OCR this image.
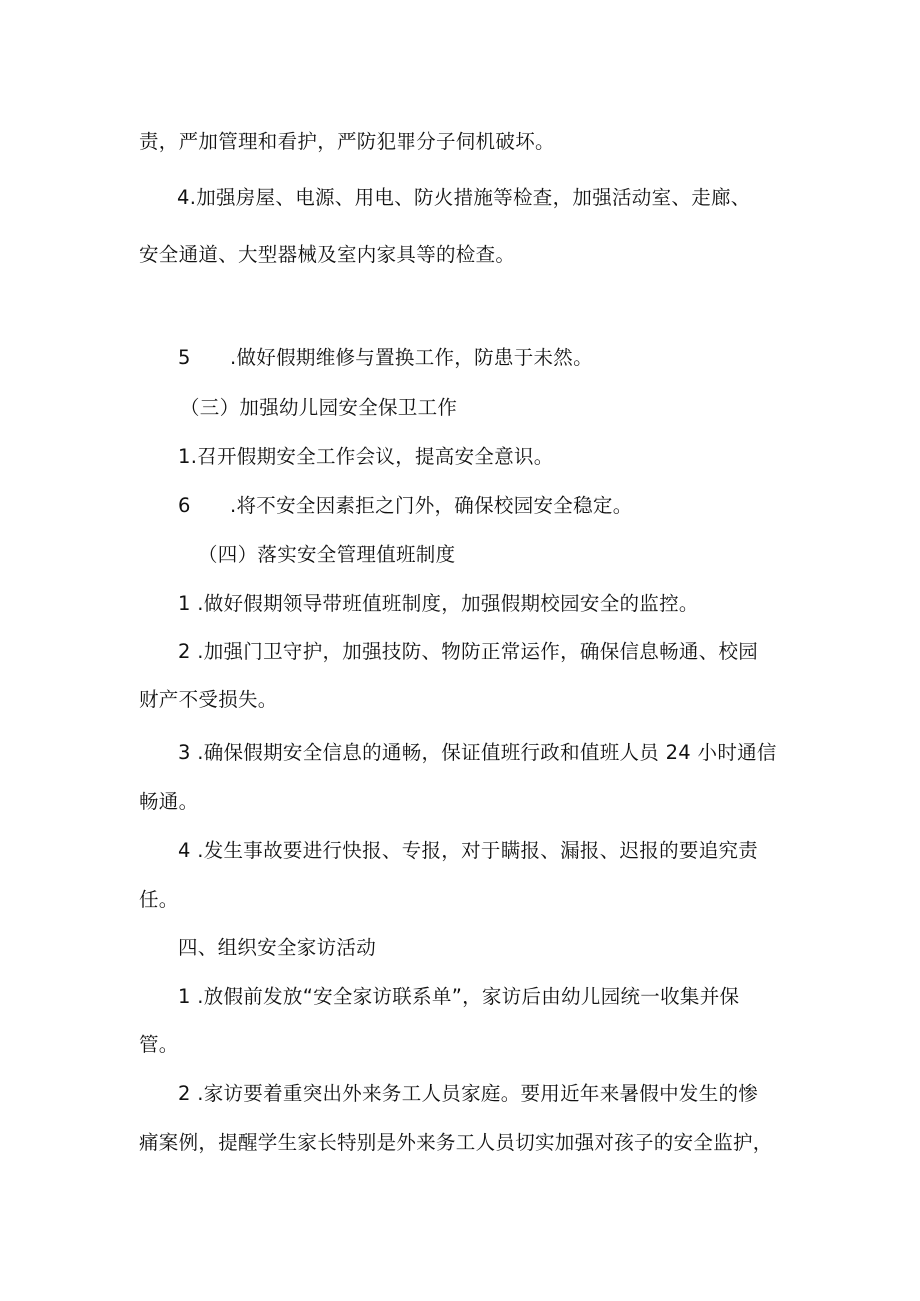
责，严加管理和看护，严防犯罪分子伺机破坏。
4.加强房屋、电源、用电、防火措施等检查，加强活动室、走廊、
安全通道、大型器械及室内家具等的检查。
5 .做好假期维修与置换工作，防患于未然。
（三）加强幼儿园安全保卫工作
1.召开假期安全工作会议，提高安全意识。
6 .将不安全因素拒之门外，确保校园安全稳定。
（四）落实安全管理值班制度
1 .做好假期领导带班值班制度，加强假期校园安全的监控。
2 .加强门卫守护，加强技防、物防正常运作，确保信息畅通、校园
财产不受损失。
3 .确保假期安全信息的通畅，保证值班行政和值班人员 24 小时通信
畅通。
4 .发生事故要进行快报、专报，对于瞒报、漏报、迟报的要追究责
任。
四、组织安全家访活动
1 .放假前发放“安全家访联系单”，家访后由幼儿园统一收集并保
管。
2 .家访要着重突出外来务工人员家庭。要用近年来暑假中发生的惨
痛案例，提醒学生家长特别是外来务工人员切实加强对孩子的安全监护，
